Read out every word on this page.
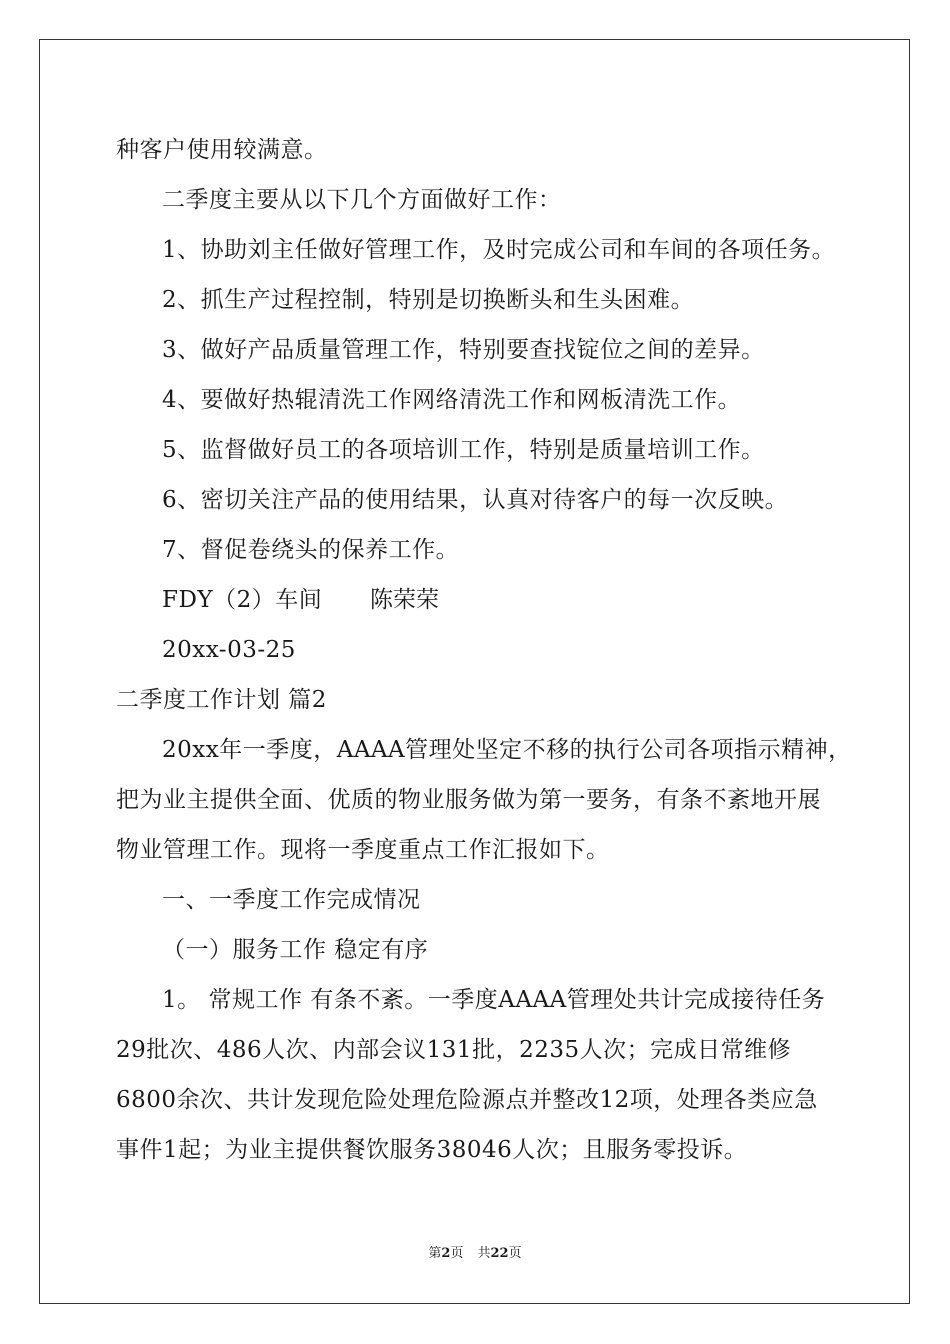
种客户使用较满意。
二季度主要从以下几个方面做好工作：
1、协助刘主任做好管理工作，及时完成公司和车间的各项任务。
2、抓生产过程控制，特别是切换断头和生头困难。
3、做好产品质量管理工作，特别要查找锭位之间的差异。
4、要做好热辊清洗工作网络清洗工作和网板清洗工作。
5、监督做好员工的各项培训工作，特别是质量培训工作。
6、密切关注产品的使用结果，认真对待客户的每一次反映。
7、督促卷绕头的保养工作。
FDY（2）车间 陈荣荣
20xx-03-25
二季度工作计划 篇2
20xx年一季度，AAAA管理处坚定不移的执行公司各项指示精神，
把为业主提供全面、优质的物业服务做为第一要务，有条不紊地开展
物业管理工作。现将一季度重点工作汇报如下。
一、一季度工作完成情况
（一）服务工作 稳定有序
1。 常规工作 有条不紊。一季度AAAA管理处共计完成接待任务
29批次、486人次、内部会议131批，2235人次；完成日常维修
6800余次、共计发现危险处理危险源点并整改12项，处理各类应急
事件1起；为业主提供餐饮服务38046人次；且服务零投诉。
第2页 共22页
